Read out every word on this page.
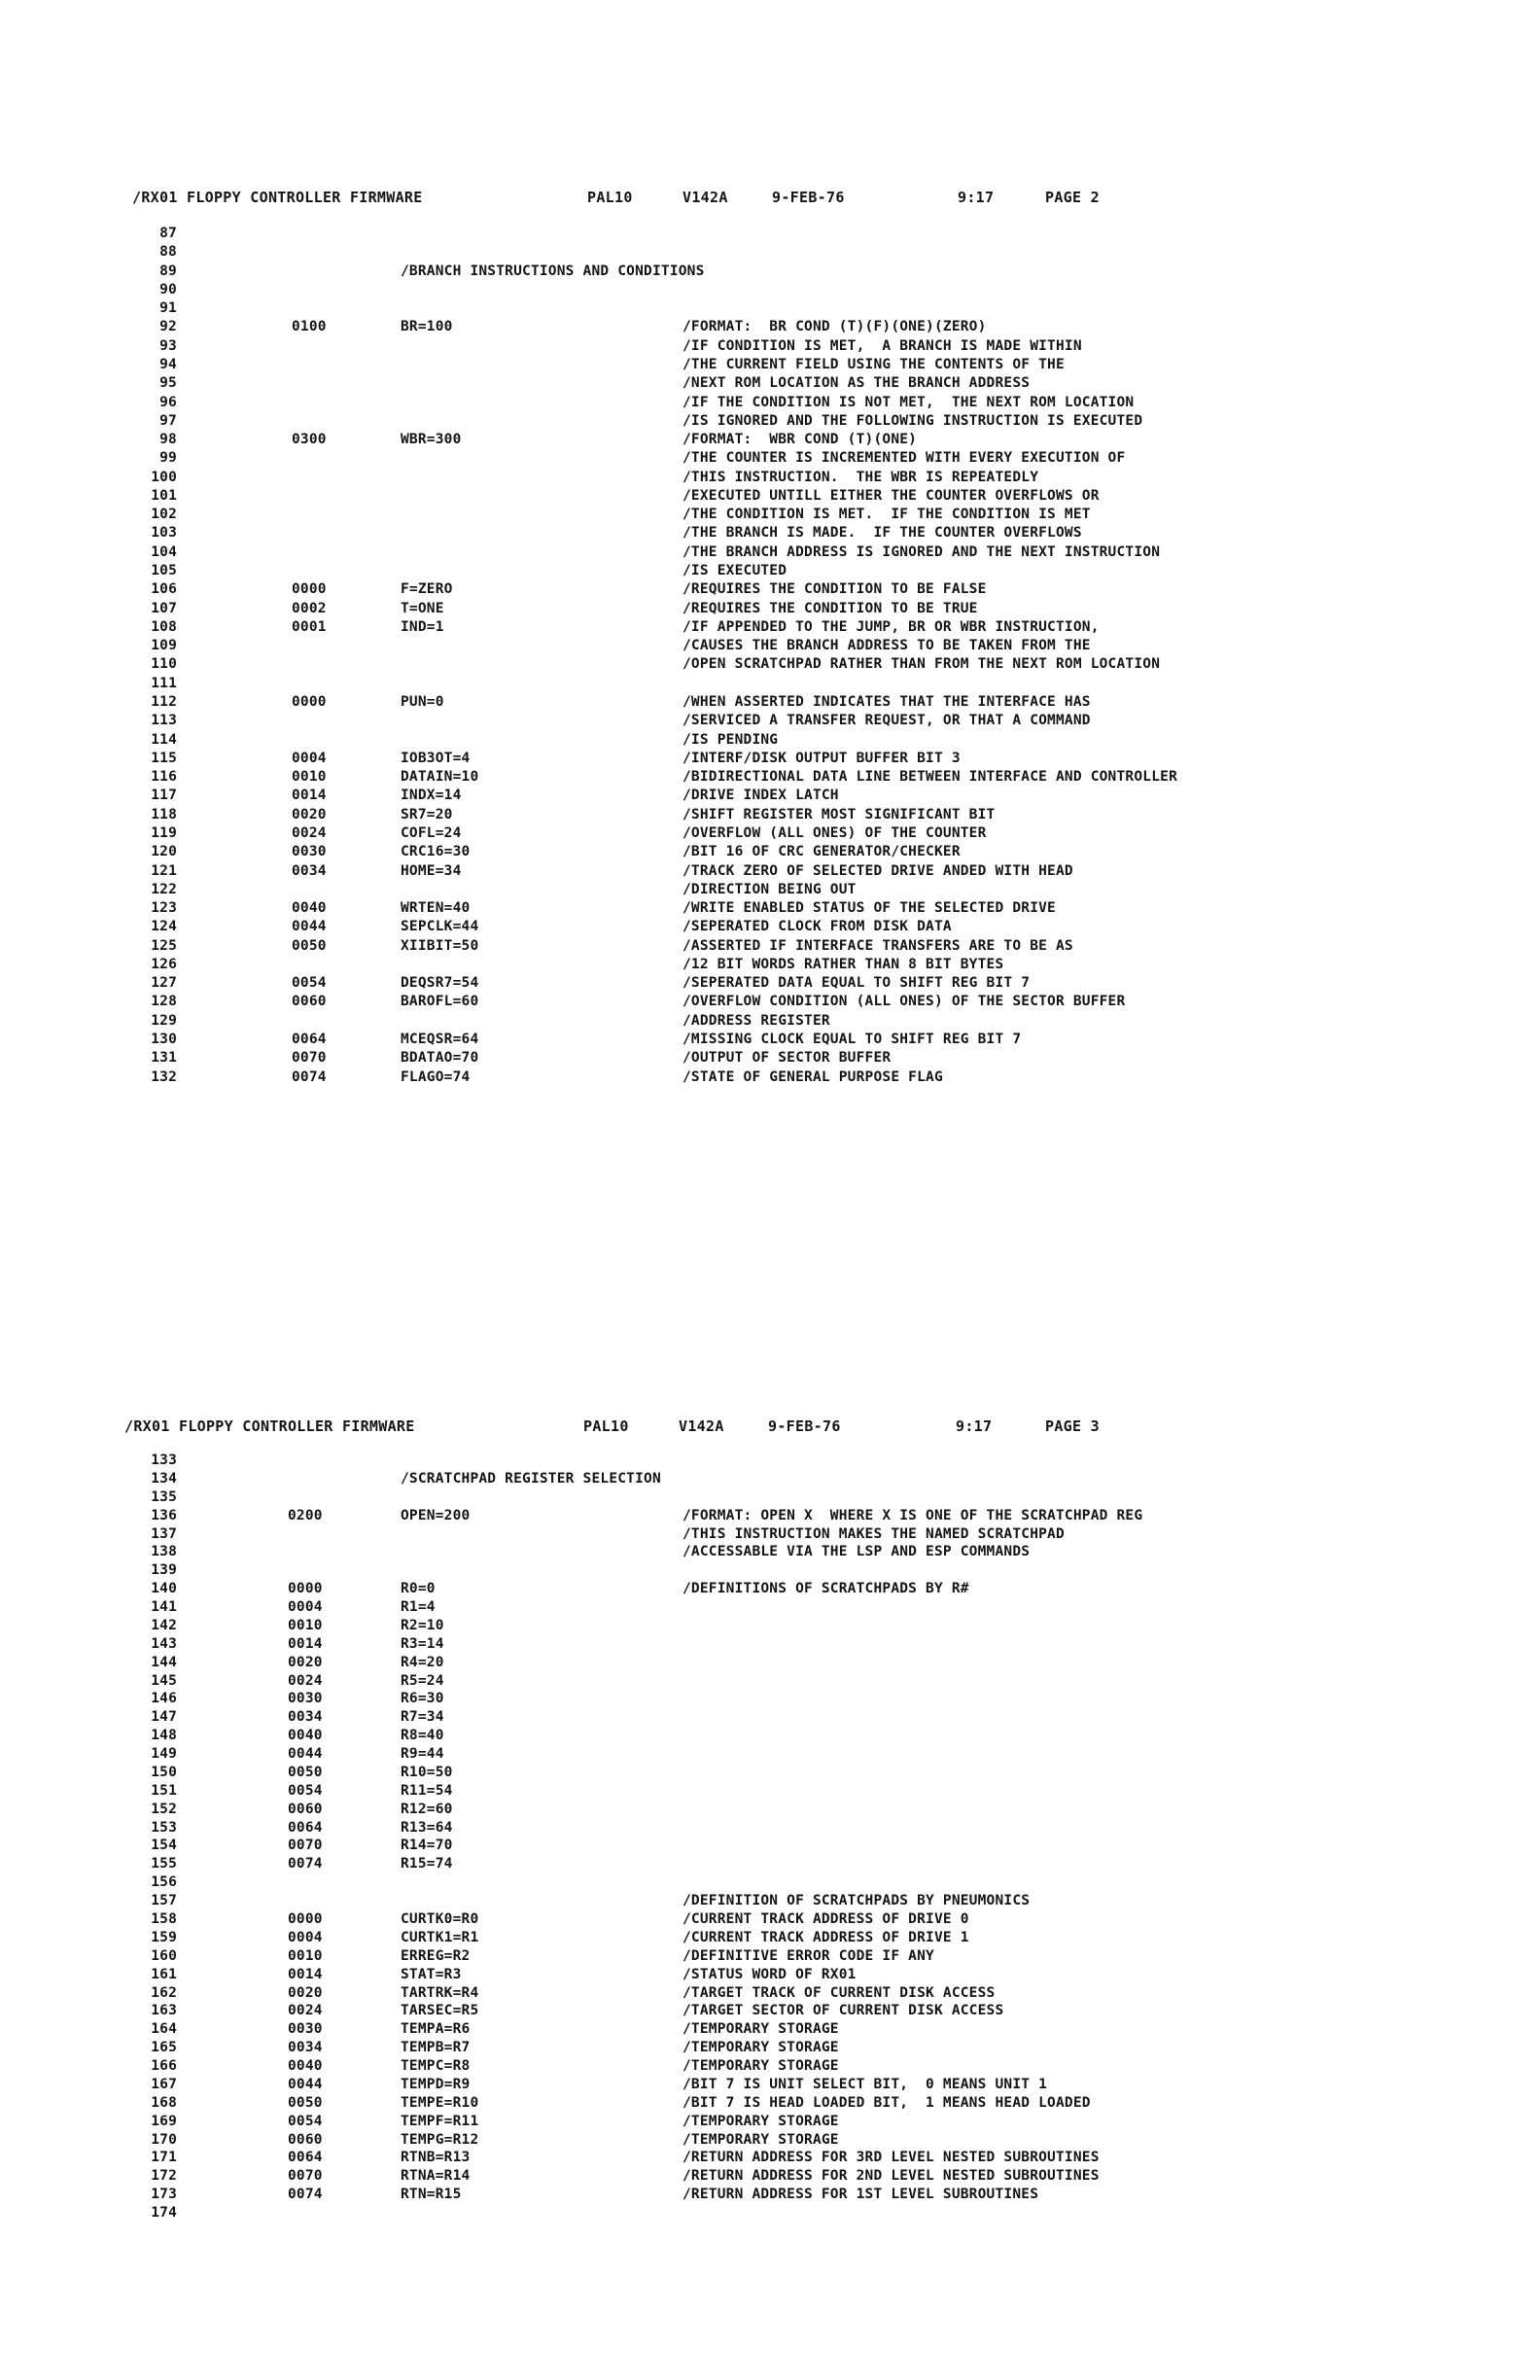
/RX01 FLOPPY CONTROLLER FIRMWARE

	PAL10

	V142A

	9-FEB-76

	9:17

	PAGE 2

87
88
89	/BRANCH INSTRUCTIONS AND CONDITIONS
90
91
92	0100	BR=100	/FORMAT:  BR COND (T)(F)(ONE)(ZERO)
93	/IF CONDITION IS MET,  A BRANCH IS MADE WITHIN
94	/THE CURRENT FIELD USING THE CONTENTS OF THE
95	/NEXT ROM LOCATION AS THE BRANCH ADDRESS
96	/IF THE CONDITION IS NOT MET,  THE NEXT ROM LOCATION
97	/IS IGNORED AND THE FOLLOWING INSTRUCTION IS EXECUTED
98	0300	WBR=300	/FORMAT:  WBR COND (T)(ONE)
99	/THE COUNTER IS INCREMENTED WITH EVERY EXECUTION OF
100	/THIS INSTRUCTION.  THE WBR IS REPEATEDLY
101	/EXECUTED UNTILL EITHER THE COUNTER OVERFLOWS OR
102	/THE CONDITION IS MET.  IF THE CONDITION IS MET
103	/THE BRANCH IS MADE.  IF THE COUNTER OVERFLOWS
104	/THE BRANCH ADDRESS IS IGNORED AND THE NEXT INSTRUCTION
105	/IS EXECUTED
106	0000	F=ZERO	/REQUIRES THE CONDITION TO BE FALSE
107	0002	T=ONE	/REQUIRES THE CONDITION TO BE TRUE
108	0001	IND=1	/IF APPENDED TO THE JUMP, BR OR WBR INSTRUCTION,
109	/CAUSES THE BRANCH ADDRESS TO BE TAKEN FROM THE
110	/OPEN SCRATCHPAD RATHER THAN FROM THE NEXT ROM LOCATION
111
112	0000	PUN=0	/WHEN ASSERTED INDICATES THAT THE INTERFACE HAS
113	/SERVICED A TRANSFER REQUEST, OR THAT A COMMAND
114	/IS PENDING
115	0004	IOB3OT=4	/INTERF/DISK OUTPUT BUFFER BIT 3
116	0010	DATAIN=10	/BIDIRECTIONAL DATA LINE BETWEEN INTERFACE AND CONTROLLER
117	0014	INDX=14	/DRIVE INDEX LATCH
118	0020	SR7=20	/SHIFT REGISTER MOST SIGNIFICANT BIT
119	0024	COFL=24	/OVERFLOW (ALL ONES) OF THE COUNTER
120	0030	CRC16=30	/BIT 16 OF CRC GENERATOR/CHECKER
121	0034	HOME=34	/TRACK ZERO OF SELECTED DRIVE ANDED WITH HEAD
122	/DIRECTION BEING OUT
123	0040	WRTEN=40	/WRITE ENABLED STATUS OF THE SELECTED DRIVE
124	0044	SEPCLK=44	/SEPERATED CLOCK FROM DISK DATA
125	0050	XIIBIT=50	/ASSERTED IF INTERFACE TRANSFERS ARE TO BE AS
126	/12 BIT WORDS RATHER THAN 8 BIT BYTES
127	0054	DEQSR7=54	/SEPERATED DATA EQUAL TO SHIFT REG BIT 7
128	0060	BAROFL=60	/OVERFLOW CONDITION (ALL ONES) OF THE SECTOR BUFFER
129	/ADDRESS REGISTER
130	0064	MCEQSR=64	/MISSING CLOCK EQUAL TO SHIFT REG BIT 7
131	0070	BDATAO=70	/OUTPUT OF SECTOR BUFFER
132	0074	FLAGO=74	/STATE OF GENERAL PURPOSE FLAG

/RX01 FLOPPY CONTROLLER FIRMWARE

	PAL10

	V142A

	9-FEB-76

	9:17

	PAGE 3

133
134	/SCRATCHPAD REGISTER SELECTION
135
136	0200	OPEN=200	/FORMAT: OPEN X  WHERE X IS ONE OF THE SCRATCHPAD REG
137	/THIS INSTRUCTION MAKES THE NAMED SCRATCHPAD
138	/ACCESSABLE VIA THE LSP AND ESP COMMANDS
139
140	0000	R0=0	/DEFINITIONS OF SCRATCHPADS BY R#
141	0004	R1=4
142	0010	R2=10
143	0014	R3=14
144	0020	R4=20
145	0024	R5=24
146	0030	R6=30
147	0034	R7=34
148	0040	R8=40
149	0044	R9=44
150	0050	R10=50
151	0054	R11=54
152	0060	R12=60
153	0064	R13=64
154	0070	R14=70
155	0074	R15=74
156
157	/DEFINITION OF SCRATCHPADS BY PNEUMONICS
158	0000	CURTK0=R0	/CURRENT TRACK ADDRESS OF DRIVE 0
159	0004	CURTK1=R1	/CURRENT TRACK ADDRESS OF DRIVE 1
160	0010	ERREG=R2	/DEFINITIVE ERROR CODE IF ANY
161	0014	STAT=R3	/STATUS WORD OF RX01
162	0020	TARTRK=R4	/TARGET TRACK OF CURRENT DISK ACCESS
163	0024	TARSEC=R5	/TARGET SECTOR OF CURRENT DISK ACCESS
164	0030	TEMPA=R6	/TEMPORARY STORAGE
165	0034	TEMPB=R7	/TEMPORARY STORAGE
166	0040	TEMPC=R8	/TEMPORARY STORAGE
167	0044	TEMPD=R9	/BIT 7 IS UNIT SELECT BIT,  0 MEANS UNIT 1
168	0050	TEMPE=R10	/BIT 7 IS HEAD LOADED BIT,  1 MEANS HEAD LOADED
169	0054	TEMPF=R11	/TEMPORARY STORAGE
170	0060	TEMPG=R12	/TEMPORARY STORAGE
171	0064	RTNB=R13	/RETURN ADDRESS FOR 3RD LEVEL NESTED SUBROUTINES
172	0070	RTNA=R14	/RETURN ADDRESS FOR 2ND LEVEL NESTED SUBROUTINES
173	0074	RTN=R15	/RETURN ADDRESS FOR 1ST LEVEL SUBROUTINES
174
